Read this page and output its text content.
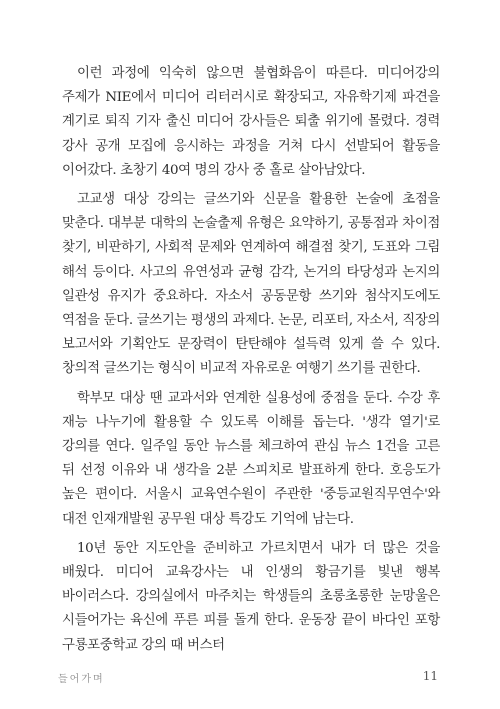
이런 과정에 익숙히 않으면 불협화음이 따른다. 미디어강의 주제가 NIE에서 미디어 리터러시로 확장되고, 자유학기제 파견을 계기로 퇴직 기자 출신 미디어 강사들은 퇴출 위기에 몰렸다. 경력 강사 공개 모집에 응시하는 과정을 거쳐 다시 선발되어 활동을 이어갔다. 초창기 40여 명의 강사 중 홀로 살아남았다.

고교생 대상 강의는 글쓰기와 신문을 활용한 논술에 초점을 맞춘다. 대부분 대학의 논술출제 유형은 요약하기, 공통점과 차이점 찾기, 비판하기, 사회적 문제와 연계하여 해결점 찾기, 도표와 그림 해석 등이다. 사고의 유연성과 균형 감각, 논거의 타당성과 논지의 일관성 유지가 중요하다. 자소서 공동문항 쓰기와 첨삭지도에도 역점을 둔다. 글쓰기는 평생의 과제다. 논문, 리포터, 자소서, 직장의 보고서와 기획안도 문장력이 탄탄해야 설득력 있게 쓸 수 있다. 창의적 글쓰기는 형식이 비교적 자유로운 여행기 쓰기를 권한다.

학부모 대상 땐 교과서와 연계한 실용성에 중점을 둔다. 수강 후 재능 나누기에 활용할 수 있도록 이해를 돕는다. '생각 열기'로 강의를 연다. 일주일 동안 뉴스를 체크하여 관심 뉴스 1건을 고른 뒤 선정 이유와 내 생각을 2분 스피치로 발표하게 한다. 호응도가 높은 편이다. 서울시 교육연수원이 주관한 '중등교원직무연수'와 대전 인재개발원 공무원 대상 특강도 기억에 남는다.

10년 동안 지도안을 준비하고 가르치면서 내가 더 많은 것을 배웠다. 미디어 교육강사는 내 인생의 황금기를 빛낸 행복 바이러스다. 강의실에서 마주치는 학생들의 초롱초롱한 눈망울은 시들어가는 육신에 푸른 피를 돌게 한다. 운동장 끝이 바다인 포항 구룡포중학교 강의 때 버스터

들어가며	11
